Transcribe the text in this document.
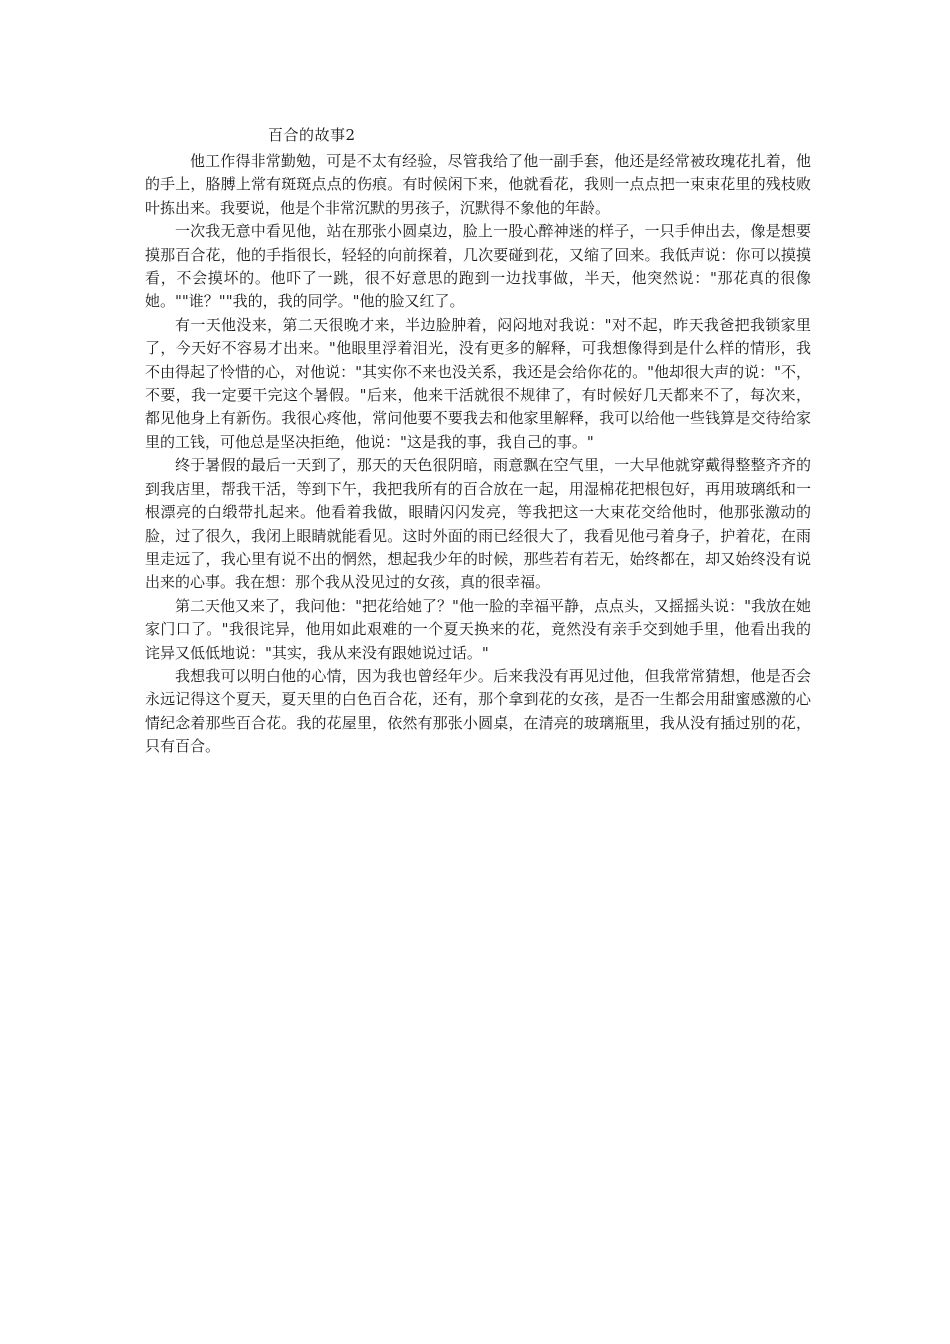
百合的故事2

他工作得非常勤勉，可是不太有经验，尽管我给了他一副手套，他还是经常被玫瑰花扎着，他的手上，胳膊上常有斑斑点点的伤痕。有时候闲下来，他就看花，我则一点点把一束束花里的残枝败叶拣出来。我要说，他是个非常沉默的男孩子，沉默得不象他的年龄。

一次我无意中看见他，站在那张小圆桌边，脸上一股心醉神迷的样子，一只手伸出去，像是想要摸那百合花，他的手指很长，轻轻的向前探着，几次要碰到花，又缩了回来。我低声说：你可以摸摸看，不会摸坏的。他吓了一跳，很不好意思的跑到一边找事做，半天，他突然说："那花真的很像她。""谁？""我的，我的同学。"他的脸又红了。

有一天他没来，第二天很晚才来，半边脸肿着，闷闷地对我说："对不起，昨天我爸把我锁家里了，今天好不容易才出来。"他眼里浮着泪光，没有更多的解释，可我想像得到是什么样的情形，我不由得起了怜惜的心，对他说："其实你不来也没关系，我还是会给你花的。"他却很大声的说："不，不要，我一定要干完这个暑假。"后来，他来干活就很不规律了，有时候好几天都来不了，每次来，都见他身上有新伤。我很心疼他，常问他要不要我去和他家里解释，我可以给他一些钱算是交待给家里的工钱，可他总是坚决拒绝，他说："这是我的事，我自己的事。"

终于暑假的最后一天到了，那天的天色很阴暗，雨意飘在空气里，一大早他就穿戴得整整齐齐的到我店里，帮我干活，等到下午，我把我所有的百合放在一起，用湿棉花把根包好，再用玻璃纸和一根漂亮的白缎带扎起来。他看着我做，眼睛闪闪发亮，等我把这一大束花交给他时，他那张激动的脸，过了很久，我闭上眼睛就能看见。这时外面的雨已经很大了，我看见他弓着身子，护着花，在雨里走远了，我心里有说不出的惘然，想起我少年的时候，那些若有若无，始终都在，却又始终没有说出来的心事。我在想：那个我从没见过的女孩，真的很幸福。

第二天他又来了，我问他："把花给她了？"他一脸的幸福平静，点点头，又摇摇头说："我放在她家门口了。"我很诧异，他用如此艰难的一个夏天换来的花，竟然没有亲手交到她手里，他看出我的诧异又低低地说："其实，我从来没有跟她说过话。"

我想我可以明白他的心情，因为我也曾经年少。后来我没有再见过他，但我常常猜想，他是否会永远记得这个夏天，夏天里的白色百合花，还有，那个拿到花的女孩，是否一生都会用甜蜜感激的心情纪念着那些百合花。我的花屋里，依然有那张小圆桌，在清亮的玻璃瓶里，我从没有插过别的花，只有百合。
